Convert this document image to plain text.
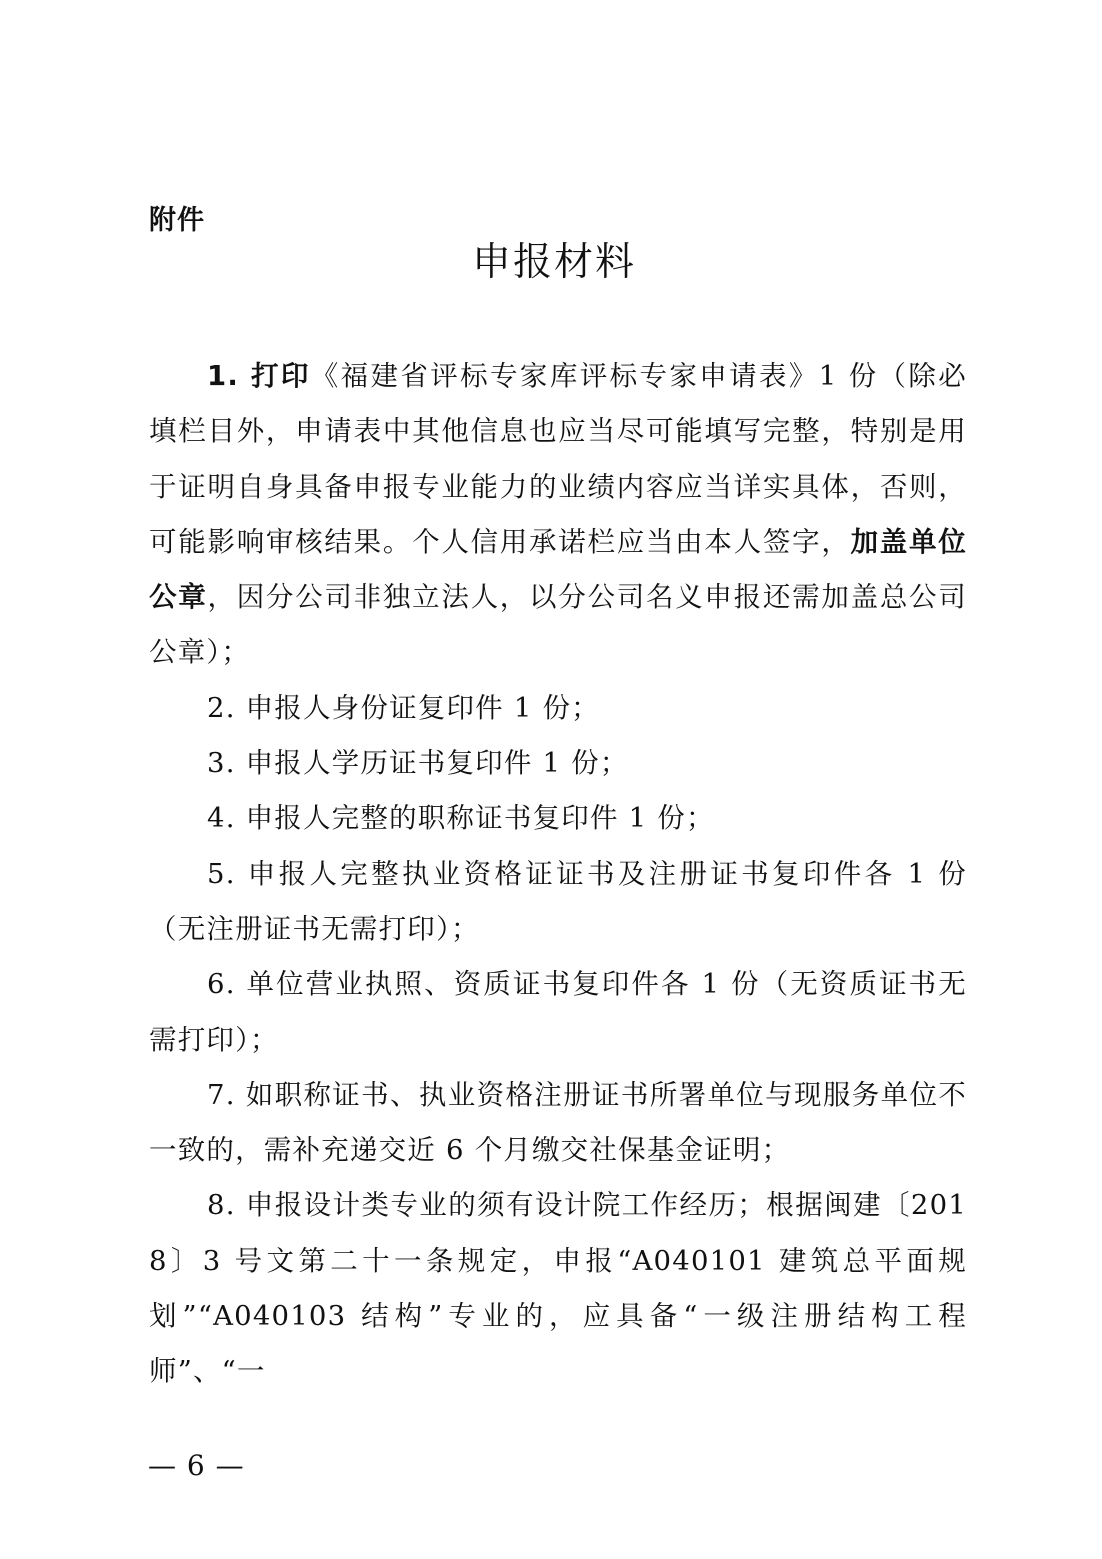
附件
申报材料

1. 打印《福建省评标专家库评标专家申请表》1 份（除必填栏目外，申请表中其他信息也应当尽可能填写完整，特别是用于证明自身具备申报专业能力的业绩内容应当详实具体，否则，可能影响审核结果。个人信用承诺栏应当由本人签字，加盖单位公章，因分公司非独立法人，以分公司名义申报还需加盖总公司公章）；

2. 申报人身份证复印件 1 份；

3. 申报人学历证书复印件 1 份；

4. 申报人完整的职称证书复印件 1 份；

5. 申报人完整执业资格证证书及注册证书复印件各 1 份（无注册证书无需打印）；

6. 单位营业执照、资质证书复印件各 1 份（无资质证书无需打印）；

7. 如职称证书、执业资格注册证书所署单位与现服务单位不一致的，需补充递交近 6 个月缴交社保基金证明；

8. 申报设计类专业的须有设计院工作经历；根据闽建〔2018〕3 号文第二十一条规定，申报“A040101 建筑总平面规划”“A040103 结构”专业的，应具备“一级注册结构工程师”、“一

— 6 —
